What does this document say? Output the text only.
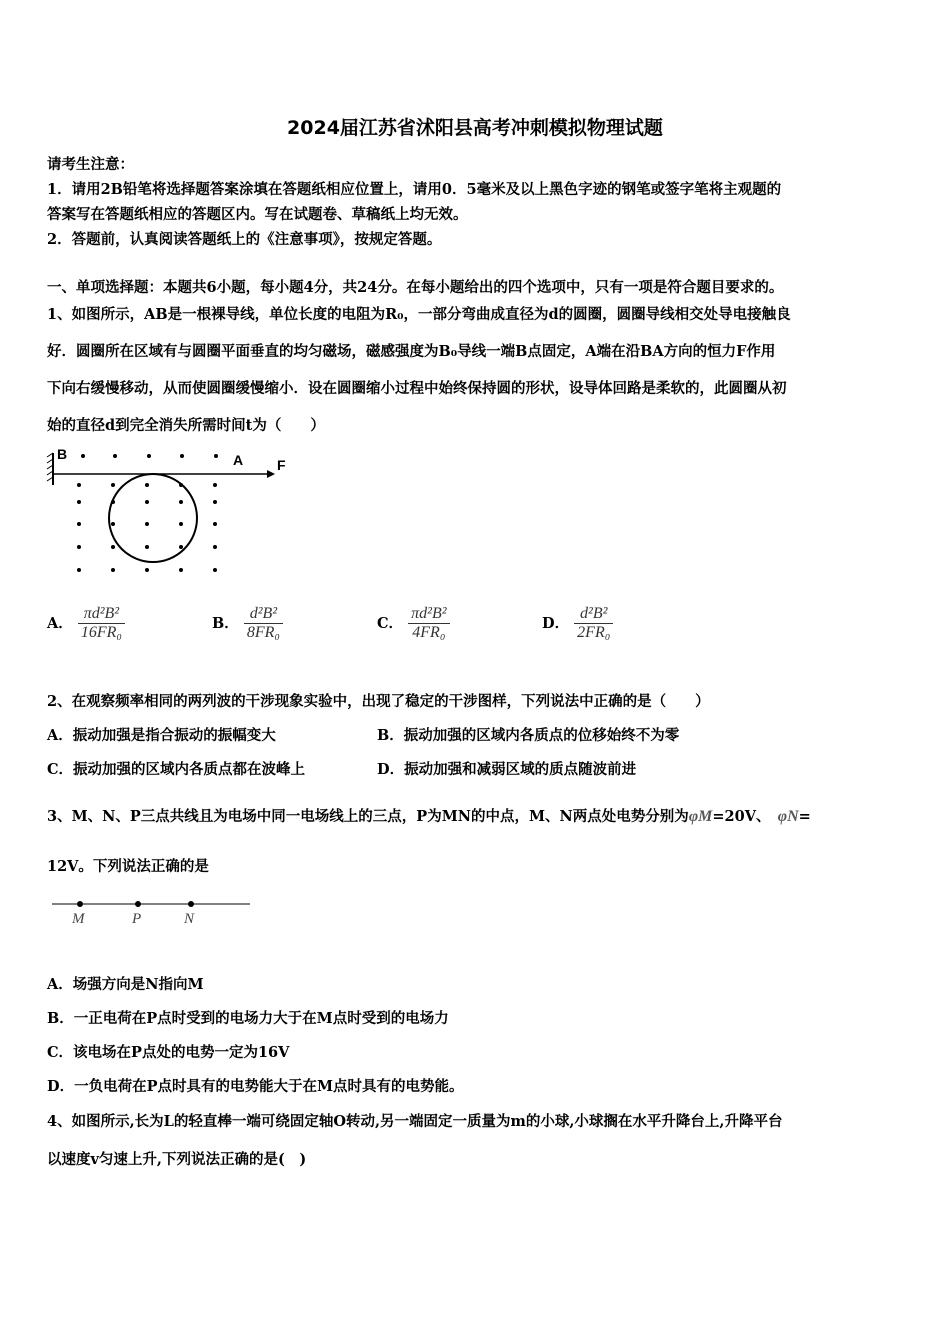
2024届江苏省沭阳县高考冲刺模拟物理试题
请考生注意：
1．请用2B铅笔将选择题答案涂填在答题纸相应位置上，请用0．5毫米及以上黑色字迹的钢笔或签字笔将主观题的
答案写在答题纸相应的答题区内。写在试题卷、草稿纸上均无效。
2．答题前，认真阅读答题纸上的《注意事项》，按规定答题。
一、单项选择题：本题共6小题，每小题4分，共24分。在每小题给出的四个选项中，只有一项是符合题目要求的。
1、如图所示，AB是一根裸导线，单位长度的电阻为R₀，一部分弯曲成直径为d的圆圈，圆圈导线相交处导电接触良
好．圆圈所在区域有与圆圈平面垂直的均匀磁场，磁感强度为B₀导线一端B点固定，A端在沿BA方向的恒力F作用
下向右缓慢移动，从而使圆圈缓慢缩小．设在圆圈缩小过程中始终保持圆的形状，设导体回路是柔软的，此圆圈从初
始的直径d到完全消失所需时间t为（　　）
B	A F
A． $\frac{\text{πd²B²}}{\text{16FR₀}}$	B． $\frac{\text{d²B²}}{\text{8FR₀}}$	C． $\frac{\text{πd²B²}}{\text{4FR₀}}$	D． $\frac{\text{d²B²}}{\text{2FR₀}}$
2、在观察频率相同的两列波的干涉现象实验中，出现了稳定的干涉图样，下列说法中正确的是（　　）
A．振动加强是指合振动的振幅变大	B．振动加强的区域内各质点的位移始终不为零
C．振动加强的区域内各质点都在波峰上	D．振动加强和减弱区域的质点随波前进
3、M、N、P三点共线且为电场中同一电场线上的三点，P为MN的中点，M、N两点处电势分别为φM=20V、　 φN=
12V。下列说法正确的是
M	P	N
A．场强方向是N指向M
B．一正电荷在P点时受到的电场力大于在M点时受到的电场力
C．该电场在P点处的电势一定为16V
D．一负电荷在P点时具有的电势能大于在M点时具有的电势能。
4、如图所示,长为L的轻直棒一端可绕固定轴O转动,另一端固定一质量为m的小球,小球搁在水平升降台上,升降平台
以速度v匀速上升,下列说法正确的是(　)
